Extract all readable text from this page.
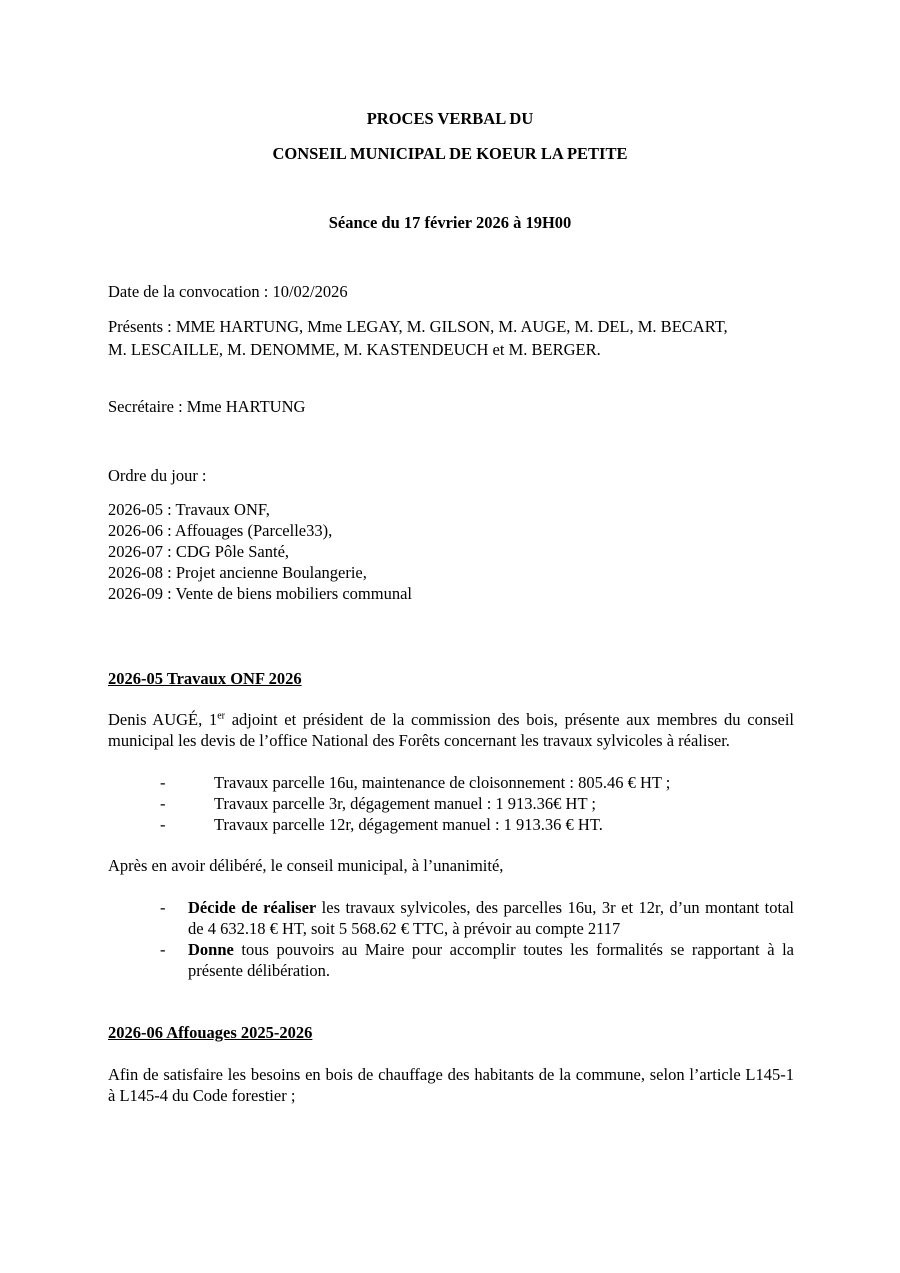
PROCES VERBAL DU
CONSEIL MUNICIPAL DE KOEUR LA PETITE
Séance du 17 février 2026 à 19H00
Date de la convocation : 10/02/2026
Présents : MME HARTUNG, Mme LEGAY, M. GILSON, M. AUGE, M. DEL, M. BECART,
M. LESCAILLE, M. DENOMME, M. KASTENDEUCH et M. BERGER.
Secrétaire : Mme HARTUNG
Ordre du jour :
2026-05 : Travaux ONF,
2026-06 : Affouages (Parcelle33),
2026-07 : CDG Pôle Santé,
2026-08 : Projet ancienne Boulangerie,
2026-09 : Vente de biens mobiliers communal
2026-05 Travaux ONF 2026
Denis AUGÉ, 1er adjoint et président de la commission des bois, présente aux membres du conseil municipal les devis de l’office National des Forêts concernant les travaux sylvicoles à réaliser.
-	Travaux parcelle 16u, maintenance de cloisonnement : 805.46 € HT ;
-	Travaux parcelle 3r, dégagement manuel : 1 913.36€ HT ;
-	Travaux parcelle 12r, dégagement manuel : 1 913.36 € HT.
Après en avoir délibéré, le conseil municipal, à l’unanimité,
- Décide de réaliser les travaux sylvicoles, des parcelles 16u, 3r et 12r, d’un montant total de 4 632.18 € HT, soit 5 568.62 € TTC, à prévoir au compte 2117
- Donne tous pouvoirs au Maire pour accomplir toutes les formalités se rapportant à la présente délibération.
2026-06 Affouages 2025-2026
Afin de satisfaire les besoins en bois de chauffage des habitants de la commune, selon l’article L145-1 à L145-4 du Code forestier ;
